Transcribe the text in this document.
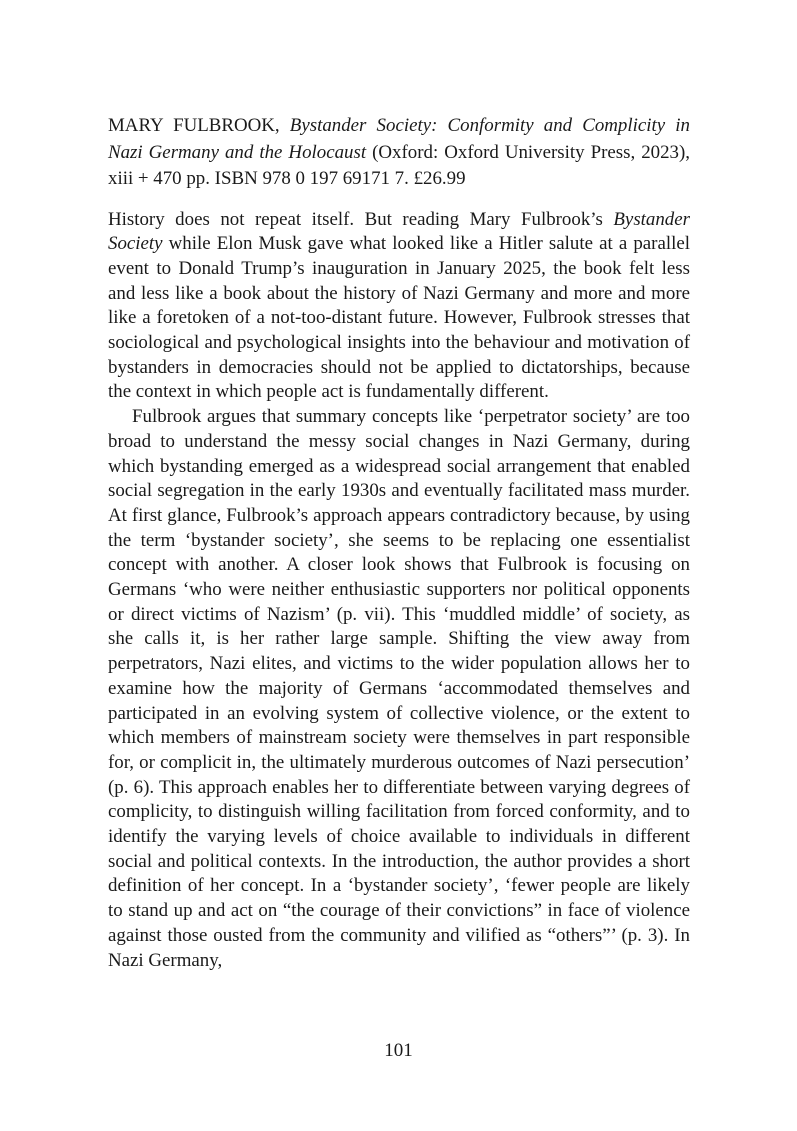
MARY FULBROOK, Bystander Society: Conformity and Complicity in Nazi Germany and the Holocaust (Oxford: Oxford University Press, 2023), xiii + 470 pp. ISBN 978 0 197 69171 7. £26.99

History does not repeat itself. But reading Mary Fulbrook’s Bystander Society while Elon Musk gave what looked like a Hitler salute at a parallel event to Donald Trump’s inauguration in January 2025, the book felt less and less like a book about the history of Nazi Germany and more and more like a foretoken of a not-too-distant future. However, Fulbrook stresses that sociological and psychological insights into the behaviour and motivation of bystanders in democracies should not be applied to dictatorships, because the context in which people act is fundamentally different.

Fulbrook argues that summary concepts like ‘perpetrator society’ are too broad to understand the messy social changes in Nazi Germany, during which bystanding emerged as a widespread social arrangement that enabled social segregation in the early 1930s and eventually facilitated mass murder. At first glance, Fulbrook’s approach appears contradictory because, by using the term ‘bystander society’, she seems to be replacing one essentialist concept with another. A closer look shows that Fulbrook is focusing on Germans ‘who were neither enthusiastic supporters nor political opponents or direct victims of Nazism’ (p. vii). This ‘muddled middle’ of society, as she calls it, is her rather large sample. Shifting the view away from perpetrators, Nazi elites, and victims to the wider population allows her to examine how the majority of Germans ‘accommodated themselves and participated in an evolving system of collective violence, or the extent to which members of mainstream society were themselves in part responsible for, or complicit in, the ultimately murderous outcomes of Nazi persecution’ (p. 6). This approach enables her to differentiate between varying degrees of complicity, to distinguish willing facilitation from forced conformity, and to identify the varying levels of choice available to individuals in different social and political contexts. In the introduction, the author provides a short definition of her concept. In a ‘bystander society’, ‘fewer people are likely to stand up and act on “the courage of their convictions” in face of violence against those ousted from the community and vilified as “others”’ (p. 3). In Nazi Germany,

101
